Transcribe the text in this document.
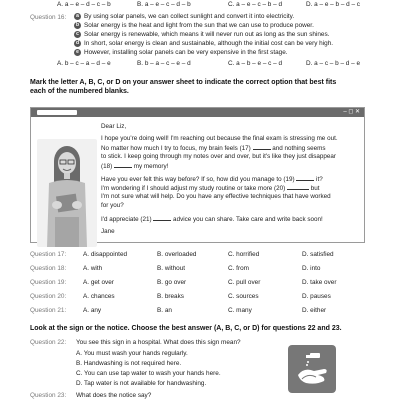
A. a – e – d – c – b	B. a – e – c – d – b	C. a – e – c – b – d	D. a – e – b – d – c
Question 16:	a By using solar panels, we can collect sunlight and convert it into electricity.
b Solar energy is the heat and light from the sun that we can use to produce power.
c Solar energy is renewable, which means it will never run out as long as the sun shines.
d In short, solar energy is clean and sustainable, although the initial cost can be very high.
e However, installing solar panels can be very expensive in the first stage.
A. b – c – a – d – e	B. b – a – c – e – d	C. a – b – e – c – d	D. a – c – b – d – e
Mark the letter A, B, C, or D on your answer sheet to indicate the correct option that best fits
each of the numbered blanks.
– ◻ ✕
Dear Liz,
I hope you're doing well! I'm reaching out because the final exam is stressing me out.
No matter how much I try to focus, my brain feels (17)	and nothing seems
to stick. I keep going through my notes over and over, but it's like they just disappear
(18)	my memory!
Have you ever felt this way before? If so, how did you manage to (19)	it?
I'm wondering if I should adjust my study routine or take more (20)	but
I'm not sure what will help. Do you have any effective techniques that have worked
for you?
I'd appreciate (21)	advice you can share. Take care and write back soon!
Jane
Question 17:	A. disappointed	B. overloaded	C. horrified	D. satisfied
Question 18:	A. with	B. without	C. from	D. into
Question 19:	A. get over	B. go over	C. pull over	D. take over
Question 20:	A. chances	B. breaks	C. sources	D. pauses
Question 21:	A. any	B. an	C. many	D. either
Look at the sign or the notice. Choose the best answer (A, B, C, or D) for questions 22 and 23.
Question 22: You see this sign in a hospital. What does this sign mean?
A. You must wash your hands regularly.
B. Handwashing is not required here.
C. You can use tap water to wash your hands here.
D. Tap water is not available for handwashing.
Question 23: What does the notice say?
